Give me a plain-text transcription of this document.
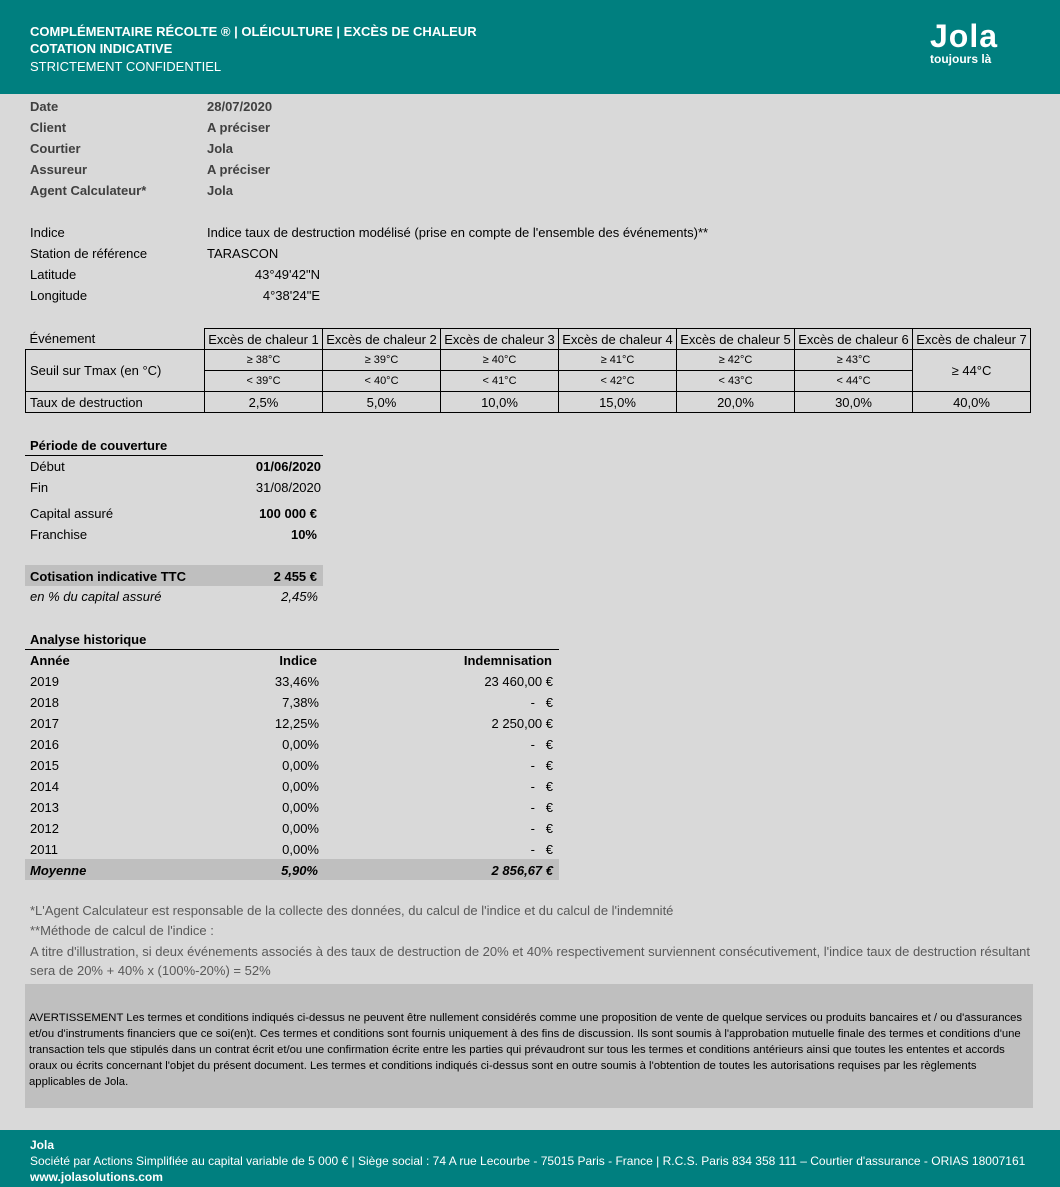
COMPLÉMENTAIRE RÉCOLTE ® | OLÉICULTURE | EXCÈS DE CHALEUR
COTATION INDICATIVE
STRICTEMENT CONFIDENTIEL
Jola
toujours là
Date	28/07/2020
Client	A préciser
Courtier	Jola
Assureur	A préciser
Agent Calculateur*	Jola
Indice	Indice taux de destruction modélisé (prise en compte de l'ensemble des événements)**
Station de référence	TARASCON
Latitude	43°49'42"N
Longitude	4°38'24"E
Événement	Excès de chaleur 1	Excès de chaleur 2	Excès de chaleur 3	Excès de chaleur 4	Excès de chaleur 5	Excès de chaleur 6	Excès de chaleur 7
Seuil sur Tmax (en °C)	≥ 38°C	≥ 39°C	≥ 40°C	≥ 41°C	≥ 42°C	≥ 43°C	≥ 44°C
	< 39°C	< 40°C	< 41°C	< 42°C	< 43°C	< 44°C	
Taux de destruction	2,5%	5,0%	10,0%	15,0%	20,0%	30,0%	40,0%
Période de couverture
Début	01/06/2020
Fin	31/08/2020
Capital assuré	100 000 €
Franchise	10%
Cotisation indicative TTC	2 455 €
en % du capital assuré	2,45%
Analyse historique
Année	Indice	Indemnisation
2019	33,46%	23 460,00 €
2018	7,38%	-   €
2017	12,25%	2 250,00 €
2016	0,00%	-   €
2015	0,00%	-   €
2014	0,00%	-   €
2013	0,00%	-   €
2012	0,00%	-   €
2011	0,00%	-   €
Moyenne	5,90%	2 856,67 €
*L'Agent Calculateur est responsable de la collecte des données, du calcul de l'indice et du calcul de l'indemnité
**Méthode de calcul de l'indice :
A titre d'illustration, si deux événements associés à des taux de destruction de 20% et 40% respectivement surviennent consécutivement, l'indice taux de destruction résultant
sera de 20% + 40% x (100%-20%) = 52%

AVERTISSEMENT Les termes et conditions indiqués ci-dessus ne peuvent être nullement considérés comme une proposition de vente de quelque services ou produits bancaires et / ou d'assurances et/ou d'instruments financiers que ce soi(en)t. Ces termes et conditions sont fournis uniquement à des fins de discussion. Ils sont soumis à l'approbation mutuelle finale des termes et conditions d'une transaction tels que stipulés dans un contrat écrit et/ou une confirmation écrite entre les parties qui prévaudront sur tous les termes et conditions antérieurs ainsi que toutes les ententes et accords oraux ou écrits concernant l'objet du présent document. Les termes et conditions indiqués ci-dessus sont en outre soumis à l'obtention de toutes les autorisations requises par les règlements applicables de Jola.

Jola
Société par Actions Simplifiée au capital variable de 5 000 € | Siège social : 74 A rue Lecourbe - 75015 Paris - France | R.C.S. Paris 834 358 111 – Courtier d'assurance - ORIAS 18007161
www.jolasolutions.com
